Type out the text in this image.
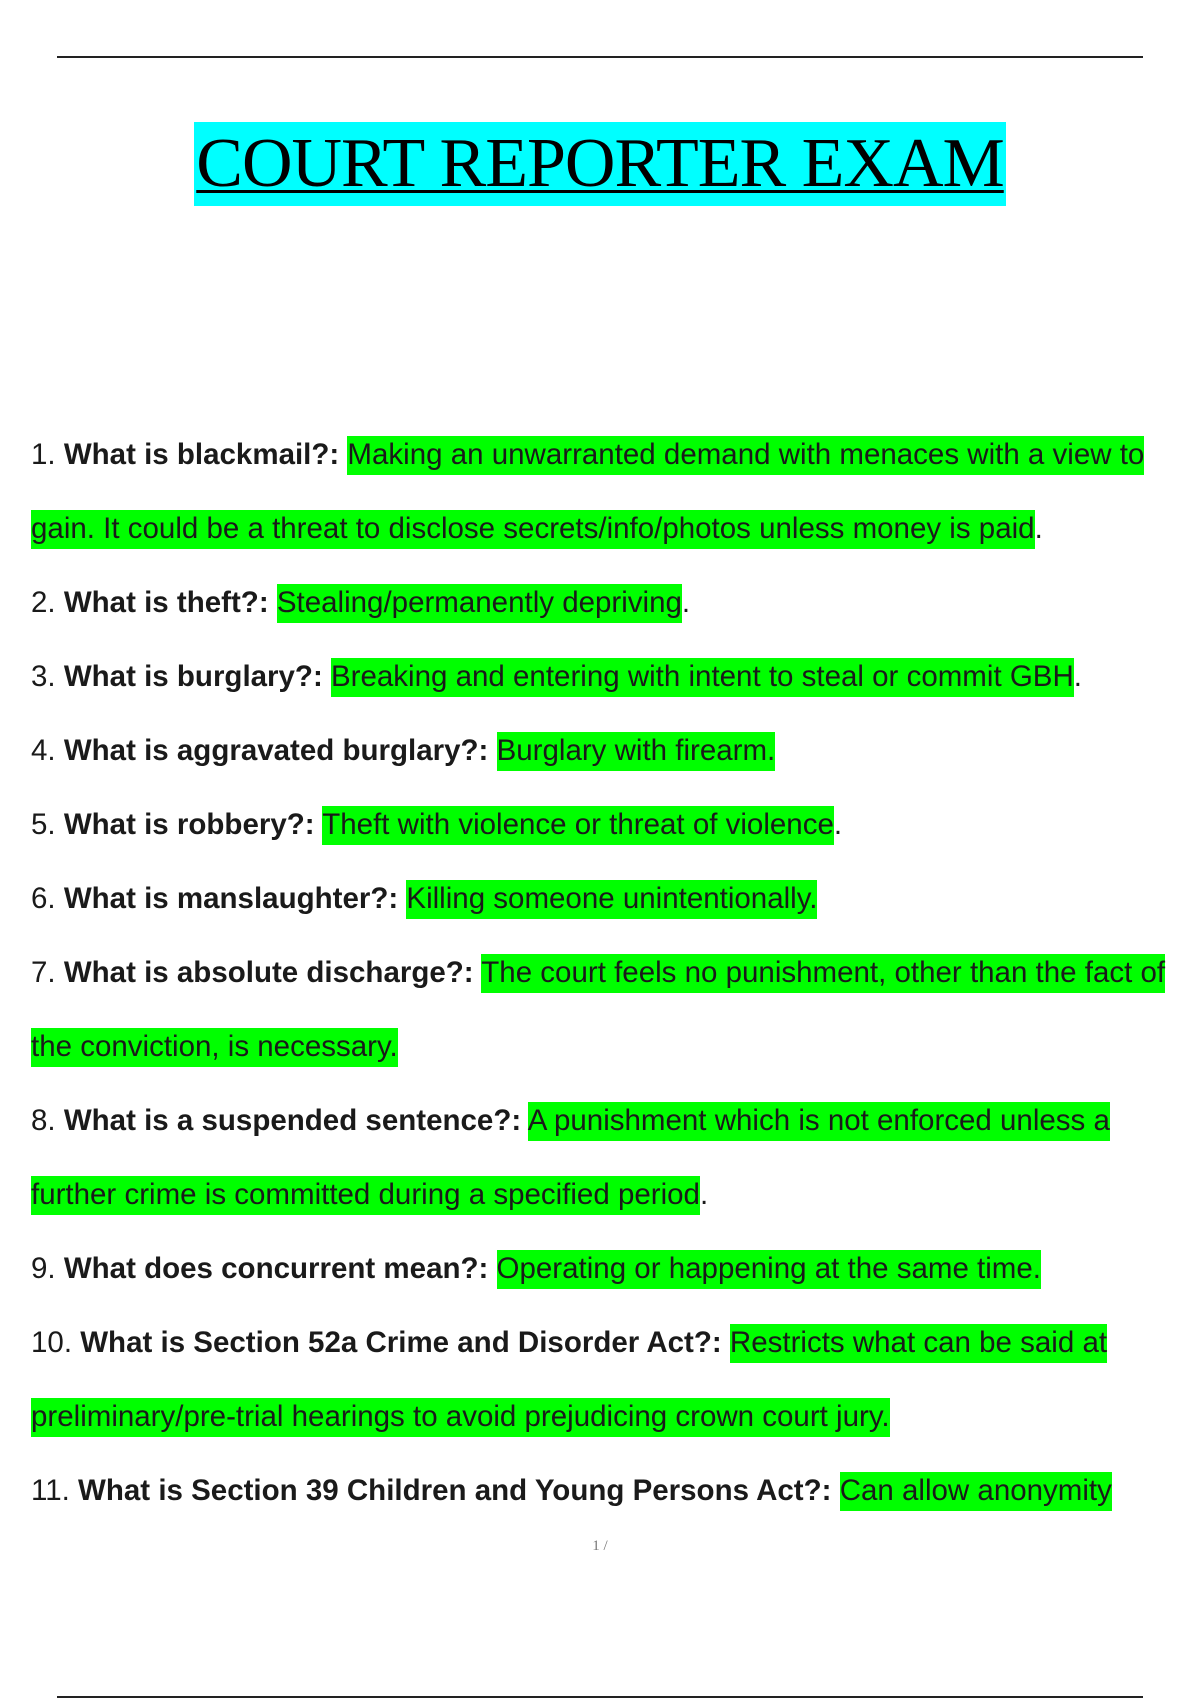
COURT REPORTER EXAM
1. What is blackmail?: Making an unwarranted demand with menaces with a view to gain. It could be a threat to disclose secrets/info/photos unless money is paid.
2. What is theft?: Stealing/permanently depriving.
3. What is burglary?: Breaking and entering with intent to steal or commit GBH.
4. What is aggravated burglary?: Burglary with firearm.
5. What is robbery?: Theft with violence or threat of violence.
6. What is manslaughter?: Killing someone unintentionally.
7. What is absolute discharge?: The court feels no punishment, other than the fact of the conviction, is necessary.
8. What is a suspended sentence?: A punishment which is not enforced unless a further crime is committed during a specified period.
9. What does concurrent mean?: Operating or happening at the same time.
10. What is Section 52a Crime and Disorder Act?: Restricts what can be said at preliminary/pre-trial hearings to avoid prejudicing crown court jury.
11. What is Section 39 Children and Young Persons Act?: Can allow anonymity
1 /
